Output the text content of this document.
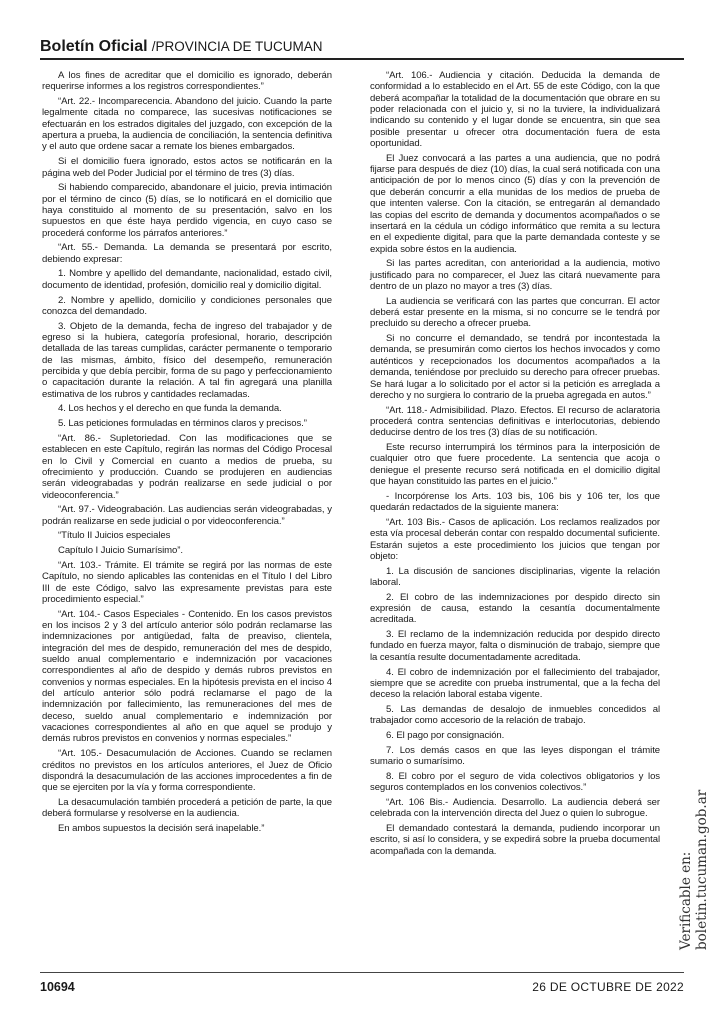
Boletín Oficial /PROVINCIA DE TUCUMAN

A los fines de acreditar que el domicilio es ignorado, deberán requerirse informes a los registros correspondientes.”

“Art. 22.- Incomparecencia. Abandono del juicio. Cuando la parte legalmente citada no comparece, las sucesivas notificaciones se efectuarán en los estrados digitales del juzgado, con excepción de la apertura a prueba, la audiencia de conciliación, la sentencia definitiva y el auto que ordene sacar a remate los bienes embargados.

Si el domicilio fuera ignorado, estos actos se notificarán en la página web del Poder Judicial por el término de tres (3) días.

Si habiendo comparecido, abandonare el juicio, previa intimación por el término de cinco (5) días, se lo notificará en el domicilio que haya constituido al momento de su presentación, salvo en los supuestos en que éste haya perdido vigencia, en cuyo caso se procederá conforme los párrafos anteriores.”

“Art. 55.- Demanda. La demanda se presentará por escrito, debiendo expresar:

1. Nombre y apellido del demandante, nacionalidad, estado civil, documento de identidad, profesión, domicilio real y domicilio digital.

2. Nombre y apellido, domicilio y condiciones personales que conozca del demandado.

3. Objeto de la demanda, fecha de ingreso del trabajador y de egreso si la hubiera, categoría profesional, horario, descripción detallada de las tareas cumplidas, carácter permanente o temporario de las mismas, ámbito, físico del desempeño, remuneración percibida y que debía percibir, forma de su pago y perfeccionamiento o capacitación durante la relación. A tal fin agregará una planilla estimativa de los rubros y cantidades reclamadas.

4. Los hechos y el derecho en que funda la demanda.

5. Las peticiones formuladas en términos claros y precisos.”

“Art. 86.- Supletoriedad. Con las modificaciones que se establecen en este Capítulo, regirán las normas del Código Procesal en lo Civil y Comercial en cuanto a medios de prueba, su ofrecimiento y producción. Cuando se produjeren en audiencias serán videograbadas y podrán realizarse en sede judicial o por videoconferencia.”

“Art. 97.- Videograbación. Las audiencias serán videograbadas, y podrán realizarse en sede judicial o por videoconferencia.”

“Título II Juicios especiales

Capítulo I Juicio Sumarísimo”.

“Art. 103.- Trámite. El trámite se regirá por las normas de este Capítulo, no siendo aplicables las contenidas en el Título I del Libro III de este Código, salvo las expresamente previstas para este procedimiento especial.”

“Art. 104.- Casos Especiales - Contenido. En los casos previstos en los incisos 2 y 3 del artículo anterior sólo podrán reclamarse las indemnizaciones por antigüedad, falta de preaviso, clientela, integración del mes de despido, remuneración del mes de despido, sueldo anual complementario e indemnización por vacaciones correspondientes al año de despido y demás rubros previstos en convenios y normas especiales. En la hipótesis prevista en el inciso 4 del artículo anterior sólo podrá reclamarse el pago de la indemnización por fallecimiento, las remuneraciones del mes de deceso, sueldo anual complementario e indemnización por vacaciones correspondientes al año en que aquel se produjo y demás rubros previstos en convenios y normas especiales.”

“Art. 105.- Desacumulación de Acciones. Cuando se reclamen créditos no previstos en los artículos anteriores, el Juez de Oficio dispondrá la desacumulación de las acciones improcedentes a fin de que se ejerciten por la vía y forma correspondiente.

La desacumulación también procederá a petición de parte, la que deberá formularse y resolverse en la audiencia.

En ambos supuestos la decisión será inapelable.”

“Art. 106.- Audiencia y citación. Deducida la demanda de conformidad a lo establecido en el Art. 55 de este Código, con la que deberá acompañar la totalidad de la documentación que obrare en su poder relacionada con el juicio y, si no la tuviere, la individualizará indicando su contenido y el lugar donde se encuentra, sin que sea posible presentar u ofrecer otra documentación fuera de esta oportunidad.

El Juez convocará a las partes a una audiencia, que no podrá fijarse para después de diez (10) días, la cual será notificada con una anticipación de por lo menos cinco (5) días y con la prevención de que deberán concurrir a ella munidas de los medios de prueba de que intenten valerse. Con la citación, se entregarán al demandado las copias del escrito de demanda y documentos acompañados o se insertará en la cédula un código informático que remita a su lectura en el expediente digital, para que la parte demandada conteste y se expida sobre éstos en la audiencia.

Si las partes acreditan, con anterioridad a la audiencia, motivo justificado para no comparecer, el Juez las citará nuevamente para dentro de un plazo no mayor a tres (3) días.

La audiencia se verificará con las partes que concurran. El actor deberá estar presente en la misma, si no concurre se le tendrá por precluido su derecho a ofrecer prueba.

Si no concurre el demandado, se tendrá por incontestada la demanda, se presumirán como ciertos los hechos invocados y como auténticos y recepcionados los documentos acompañados a la demanda, teniéndose por precluido su derecho para ofrecer pruebas. Se hará lugar a lo solicitado por el actor si la petición es arreglada a derecho y no surgiera lo contrario de la prueba agregada en autos.”

“Art. 118.- Admisibilidad. Plazo. Efectos. El recurso de aclaratoria procederá contra sentencias definitivas e interlocutorias, debiendo deducirse dentro de los tres (3) días de su notificación.

Este recurso interrumpirá los términos para la interposición de cualquier otro que fuere procedente. La sentencia que acoja o deniegue el presente recurso será notificada en el domicilio digital que hayan constituido las partes en el juicio.”

- Incorpórense los Arts. 103 bis, 106 bis y 106 ter, los que quedarán redactados de la siguiente manera:

“Art. 103 Bis.- Casos de aplicación. Los reclamos realizados por esta vía procesal deberán contar con respaldo documental suficiente. Estarán sujetos a este procedimiento los juicios que tengan por objeto:

1. La discusión de sanciones disciplinarias, vigente la relación laboral.

2. El cobro de las indemnizaciones por despido directo sin expresión de causa, estando la cesantía documentalmente acreditada.

3. El reclamo de la indemnización reducida por despido directo fundado en fuerza mayor, falta o disminución de trabajo, siempre que la cesantía resulte documentadamente acreditada.

4. El cobro de indemnización por el fallecimiento del trabajador, siempre que se acredite con prueba instrumental, que a la fecha del deceso la relación laboral estaba vigente.

5. Las demandas de desalojo de inmuebles concedidos al trabajador como accesorio de la relación de trabajo.

6. El pago por consignación.

7. Los demás casos en que las leyes dispongan el trámite sumario o sumarísimo.

8. El cobro por el seguro de vida colectivos obligatorios y los seguros contemplados en los convenios colectivos.”

“Art. 106 Bis.- Audiencia. Desarrollo. La audiencia deberá ser celebrada con la intervención directa del Juez o quien lo subrogue.

El demandado contestará la demanda, pudiendo incorporar un escrito, si así lo considera, y se expedirá sobre la prueba documental acompañada con la demanda.

10694	26 DE OCTUBRE DE 2022
Verificable en: boletin.tucuman.gob.ar
